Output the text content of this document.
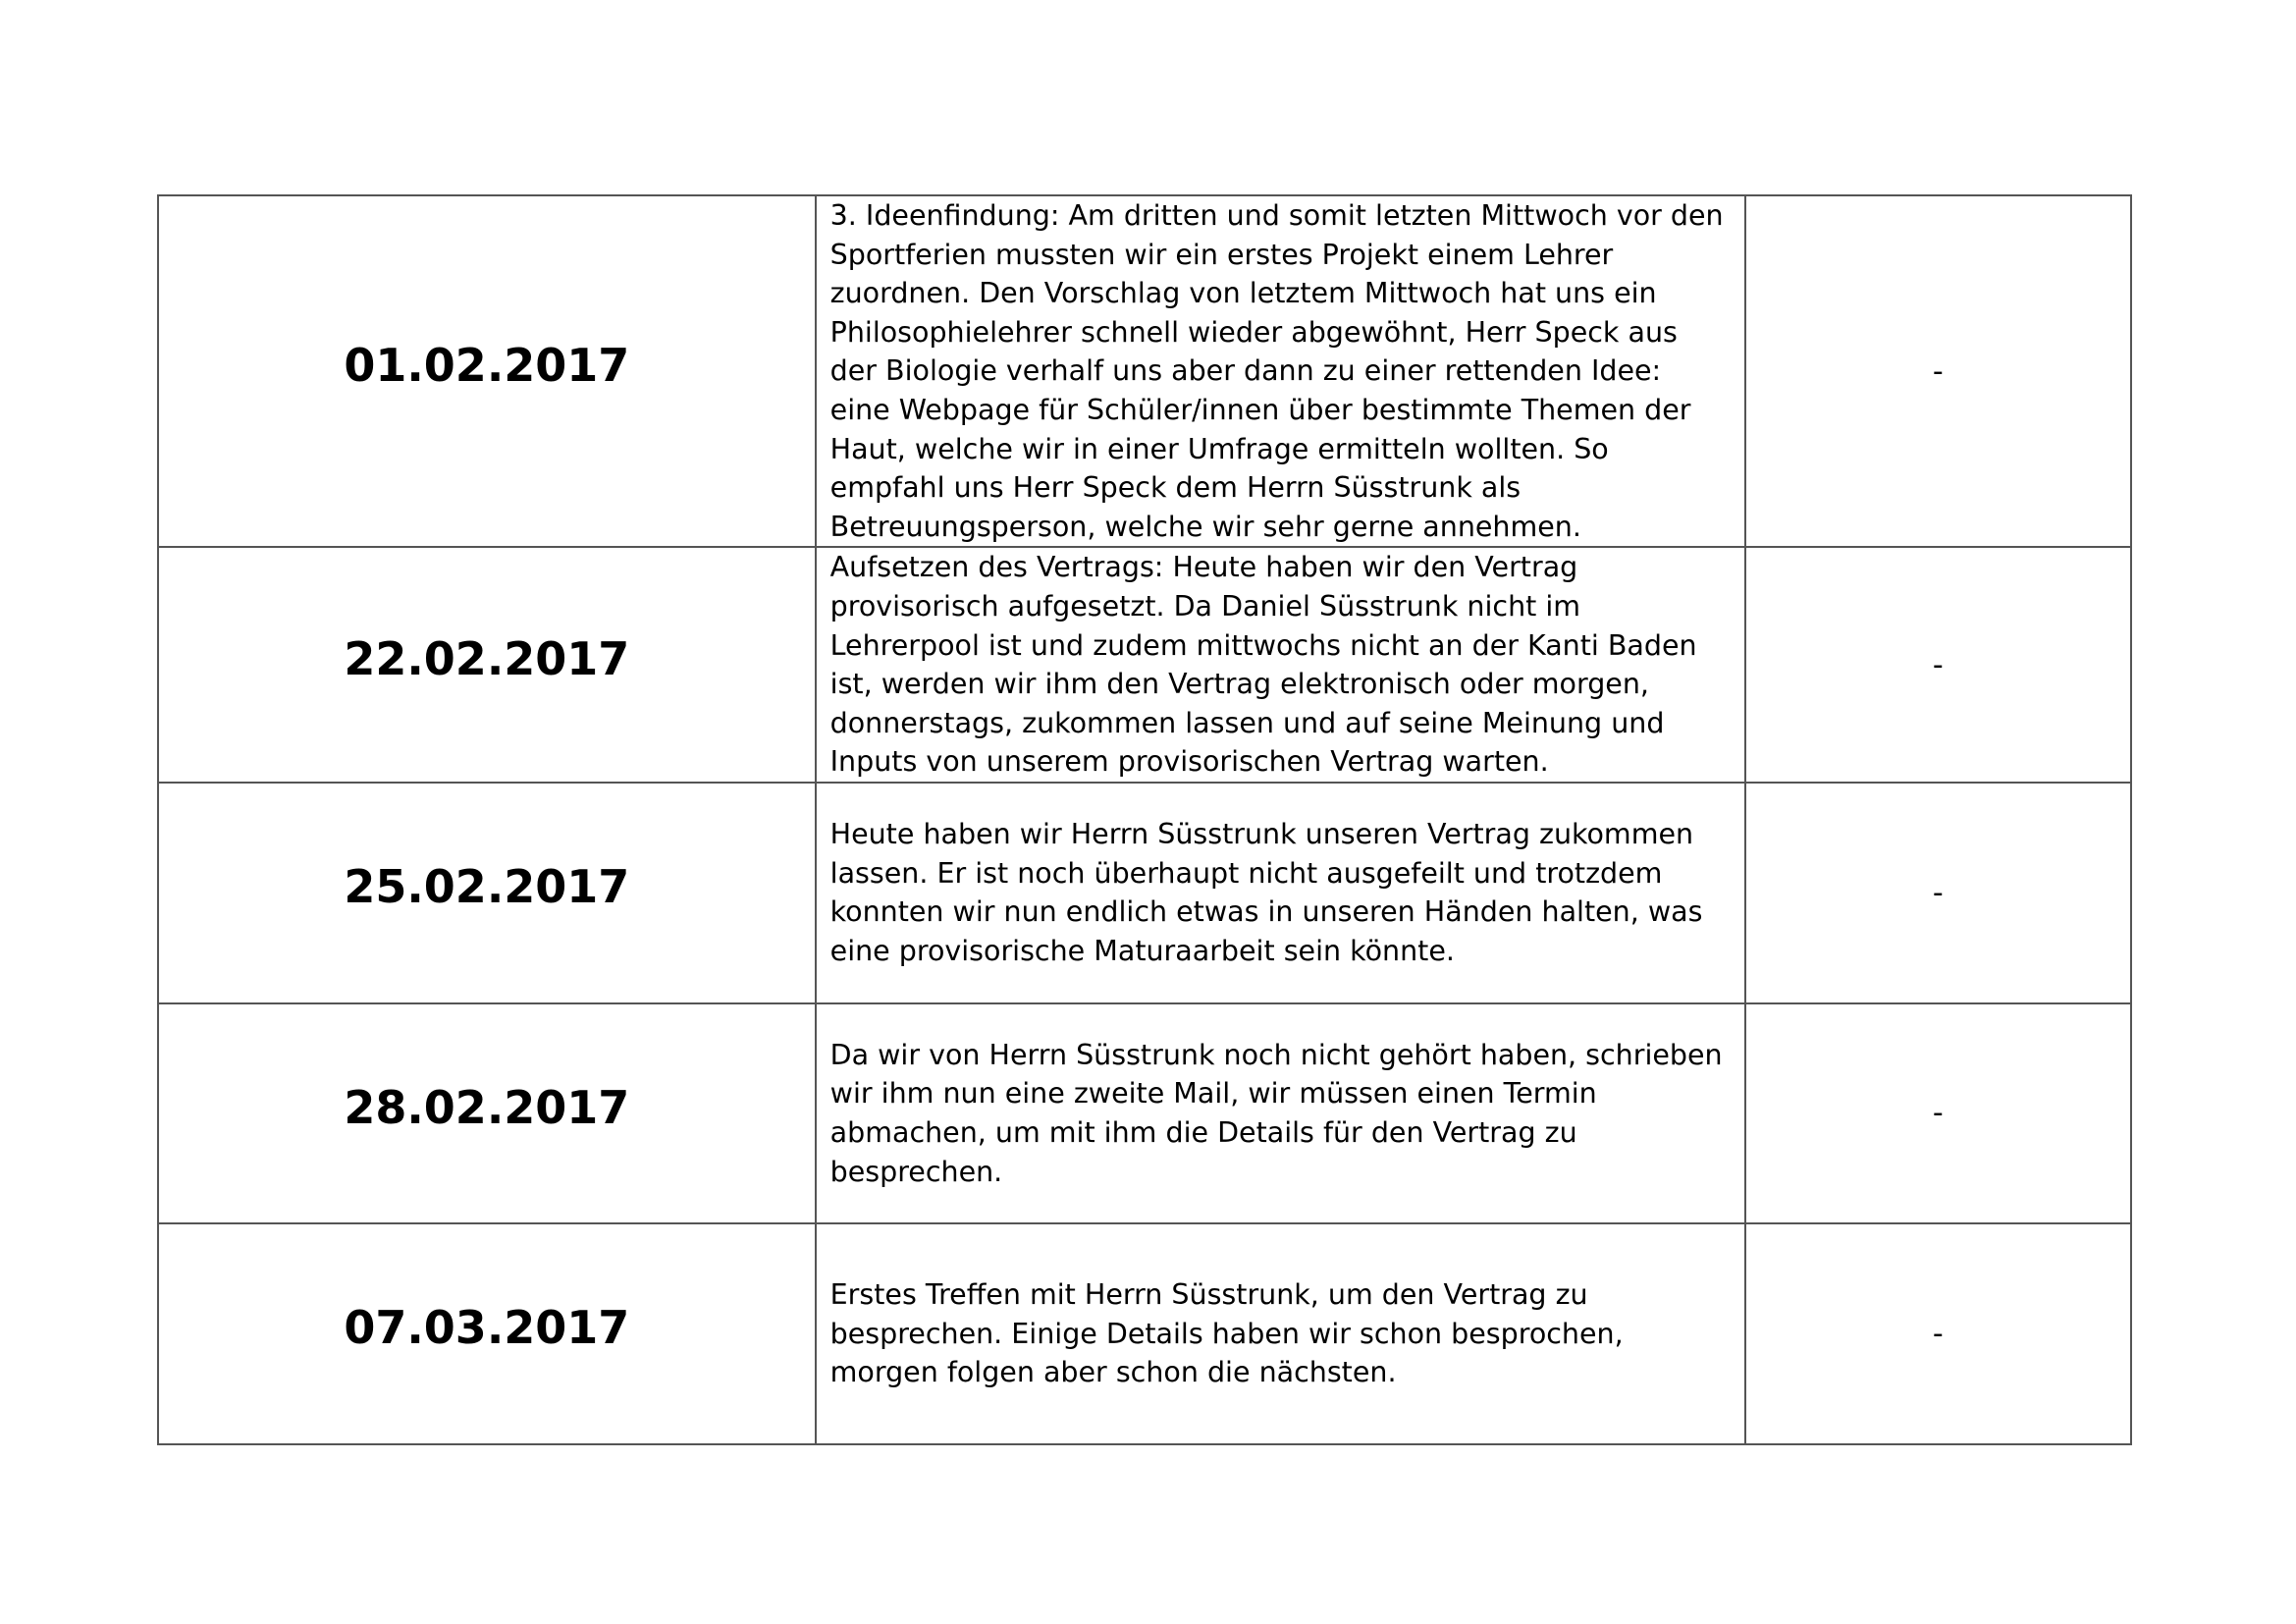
01.02.2017	3. Ideenfindung: Am dritten und somit letzten Mittwoch vor den Sportferien mussten wir ein erstes Projekt einem Lehrer zuordnen. Den Vorschlag von letztem Mittwoch hat uns ein Philosophielehrer schnell wieder abgewöhnt, Herr Speck aus der Biologie verhalf uns aber dann zu einer rettenden Idee: eine Webpage für Schüler/innen über bestimmte Themen der Haut, welche wir in einer Umfrage ermitteln wollten. So empfahl uns Herr Speck dem Herrn Süsstrunk als Betreuungsperson, welche wir sehr gerne annehmen.	-
22.02.2017	Aufsetzen des Vertrags: Heute haben wir den Vertrag provisorisch aufgesetzt. Da Daniel Süsstrunk nicht im Lehrerpool ist und zudem mittwochs nicht an der Kanti Baden ist, werden wir ihm den Vertrag elektronisch oder morgen, donnerstags, zukommen lassen und auf seine Meinung und Inputs von unserem provisorischen Vertrag warten.	-
25.02.2017	Heute haben wir Herrn Süsstrunk unseren Vertrag zukommen lassen. Er ist noch überhaupt nicht ausgefeilt und trotzdem konnten wir nun endlich etwas in unseren Händen halten, was eine provisorische Maturaarbeit sein könnte.	-
28.02.2017	Da wir von Herrn Süsstrunk noch nicht gehört haben, schrieben wir ihm nun eine zweite Mail, wir müssen einen Termin abmachen, um mit ihm die Details für den Vertrag zu besprechen.	-
07.03.2017	Erstes Treffen mit Herrn Süsstrunk, um den Vertrag zu besprechen. Einige Details haben wir schon besprochen, morgen folgen aber schon die nächsten.	-
